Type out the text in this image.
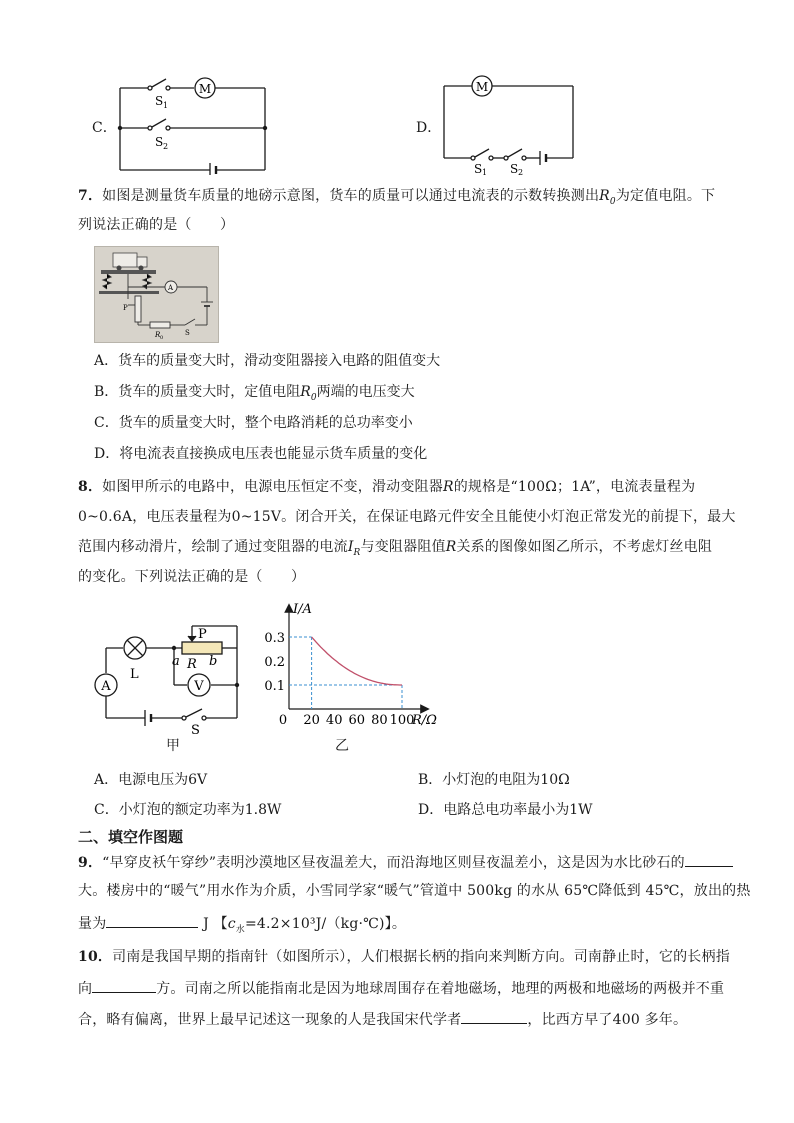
C．
M
S 1
S 2
D．
M
S 1 S 2
7．如图是测量货车质量的地磅示意图，货车的质量可以通过电流表的示数转换测出$R_0$为定值电阻。下
列说法正确的是（　　）
P
A
R 0
S
A．货车的质量变大时，滑动变阻器接入电路的阻值变大
B．货车的质量变大时，定值电阻$R_0$两端的电压变大
C．货车的质量变大时，整个电路消耗的总功率变小
D．将电流表直接换成电压表也能显示货车质量的变化
8．如图甲所示的电路中，电源电压恒定不变，滑动变阻器R的规格是“100Ω；1A”，电流表量程为
0~0.6A，电压表量程为0~15V。闭合开关，在保证电路元件安全且能使小灯泡正常发光的前提下，最大
范围内移动滑片，绘制了通过变阻器的电流$I_R$与变阻器阻值R关系的图像如图乙所示，不考虑灯丝电阻
的变化。下列说法正确的是（　　）
P
a R b
L
A	V
S
甲
0 20 40 60 80 100
0.1
0.2
0.3
I/A
R/Ω
乙
A．电源电压为6V	B．小灯泡的电阻为10Ω
C．小灯泡的额定功率为1.8W	D．电路总电功率最小为1W
二、填空作图题
9．“早穿皮袄午穿纱”表明沙漠地区昼夜温差大，而沿海地区则昼夜温差小，这是因为水比砂石的
大。楼房中的“暖气”用水作为介质，小雪同学家“暖气”管道中 500kg 的水从 65℃降低到 45℃，放出的热
量为	J 【$c_水=4.2\times 10^3J/(kg\cdot℃)$】。
10．司南是我国早期的指南针（如图所示），人们根据长柄的指向来判断方向。司南静止时，它的长柄指
向	方。司南之所以能指南北是因为地球周围存在着地磁场，地理的两极和地磁场的两极并不重
合，略有偏离，世界上最早记述这一现象的人是我国宋代学者	，比西方早了400 多年。
